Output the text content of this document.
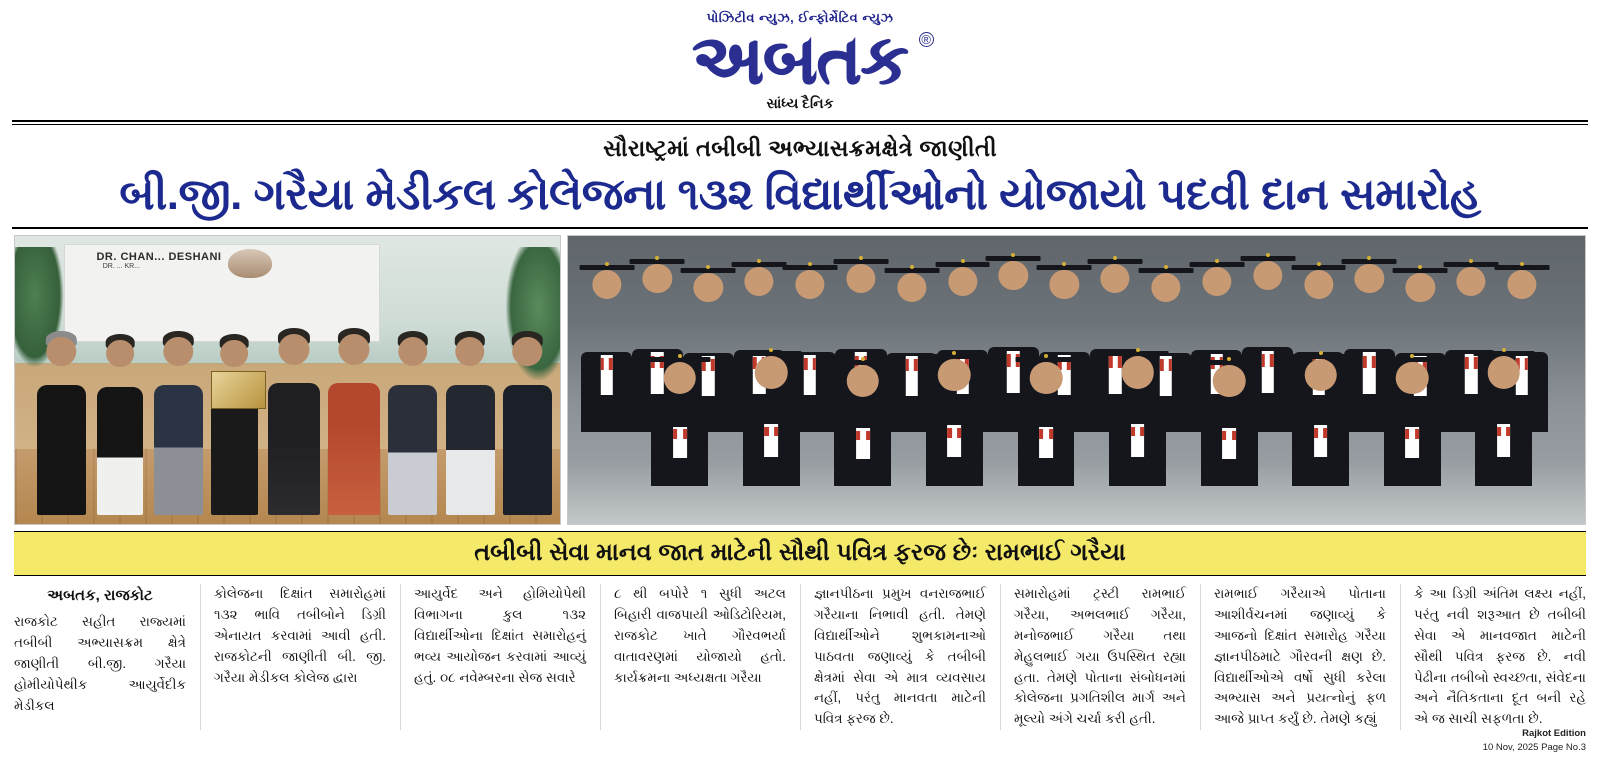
પોઝિટીવ ન્યુઝ, ઈન્ફોર્મેટિવ ન્યુઝ
અબતક ®
સાંધ્ય દૈનિક
સૌરાષ્ટ્રમાં તબીબી અભ્યાસક્રમક્ષેત્રે જાણીતી
બી.જી. ગરૈયા મેડીકલ કોલેજના ૧૩૨ વિદ્યાર્થીઓનો યોજાયો પદવી દાન સમારોહ
DR. CHAN... DESHANI
DR. ... KR...
તબીબી સેવા માનવ જાત માટેની સૌથી પવિત્ર ફરજ છેઃ રામભાઈ ગરૈયા
અબતક, રાજકોટ

રાજકોટ સહીત રાજ્યમાં તબીબી અભ્યાસક્રમ ક્ષેત્રે જાણીતી બી.જી. ગરૈયા હોમીયોપેથીક આયુર્વેદીક મેડીકલ

કોલેજના દિક્ષાંત સમારોહમાં ૧૩૨ ભાવિ તબીબોને ડિગ્રી એનાયત કરવામાં આવી હતી. રાજકોટની જાણીતી બી. જી. ગરૈયા મેડીકલ કોલેજ દ્વારા

આયુર્વેદ અને હોમિયોપેથી વિભાગના કુલ ૧૩૨ વિદ્યાર્થીઓના દિક્ષાંત સમારોહનું ભવ્ય આયોજન કરવામાં આવ્યું હતું. ૦૮ નવેમ્બરના સેજ સવારે

૮ થી બપોરે ૧ સુધી અટલ બિહારી વાજપાયી ઓડિટોરિયમ, રાજકોટ ખાતે ગૌરવભર્યા વાતાવરણમાં યોજાયો હતો. કાર્યક્રમના અધ્યક્ષતા ગરૈયા

જ્ઞાનપીઠના પ્રમુખ વનરાજભાઈ ગરૈયાના નિભાવી હતી. તેમણે વિદ્યાર્થીઓને શુભકામનાઓ પાઠવતા જણાવ્યું કે તબીબી ક્ષેત્રમાં સેવા એ માત્ર વ્યવસાય નહીં, પરંતુ માનવતા માટેની પવિત્ર ફરજ છે.

સમારોહમાં ટ્રસ્ટી રામભાઈ ગરૈયા, અભલભાઈ ગરૈયા, મનોજભાઈ ગરૈયા તથા મેહુલભાઈ ગયા ઉપસ્થિત રહ્યા હતા. તેમણે પોતાના સંબોધનમાં કોલેજના પ્રગતિશીલ માર્ગ અને મૂલ્યો અંગે ચર્ચા કરી હતી.

રામભાઈ ગરૈયાએ પોતાના આશીર્વચનમાં જણાવ્યું કે આજનો દિક્ષાંત સમારોહ ગરૈયા જ્ઞાનપીઠમાટે ગૌરવની ક્ષણ છે. વિદ્યાર્થીઓએ વર્ષો સુધી કરેલા અભ્યાસ અને પ્રયત્નોનું ફળ આજે પ્રાપ્ત કર્યું છે. તેમણે કહ્યું

કે આ ડિગ્રી અંતિમ લક્ષ્ય નહીં, પરંતુ નવી શરૂઆત છે તબીબી સેવા એ માનવજાત માટેની સૌથી પવિત્ર ફરજ છે. નવી પેઢીના તબીબો સ્વચ્છતા, સંવેદના અને નૈતિકતાના દૂત બની રહે એ જ સાચી સફળતા છે.

Rajkot Edition
10 Nov, 2025 Page No.3
